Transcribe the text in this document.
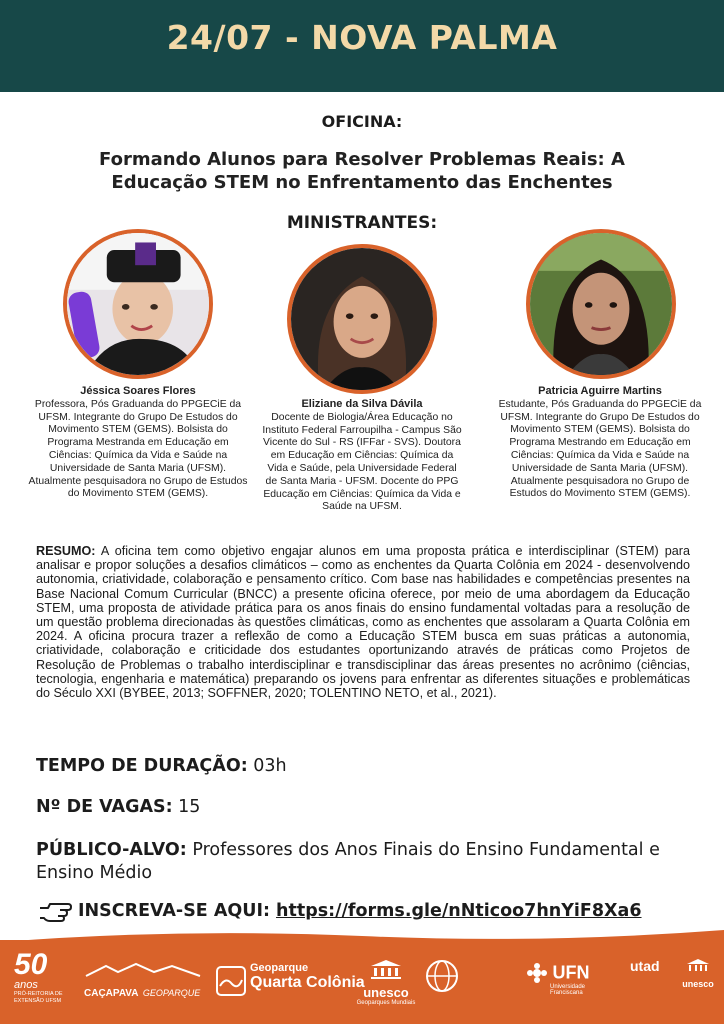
24/07 - NOVA PALMA
OFICINA:
Formando Alunos para Resolver Problemas Reais: A Educação STEM no Enfrentamento das Enchentes
MINISTRANTES:
Jéssica Soares Flores
Professora, Pós Graduanda do PPGECiE da UFSM. Integrante do Grupo De Estudos do Movimento STEM (GEMS). Bolsista do Programa Mestranda em Educação em Ciências: Química da Vida e Saúde na Universidade de Santa Maria (UFSM). Atualmente pesquisadora no Grupo de Estudos do Movimento STEM (GEMS).
Eliziane da Silva Dávila
Docente de Biologia/Área Educação no Instituto Federal Farroupilha - Campus São Vicente do Sul - RS (IFFar - SVS). Doutora em Educação em Ciências: Química da Vida e Saúde, pela Universidade Federal de Santa Maria - UFSM. Docente do PPG Educação em Ciências: Química da Vida e Saúde na UFSM.
Patricia Aguirre Martins
Estudante, Pós Graduanda do PPGECiE da UFSM. Integrante do Grupo De Estudos do Movimento STEM (GEMS). Bolsista do Programa Mestrando em Educação em Ciências: Química da Vida e Saúde na Universidade de Santa Maria (UFSM). Atualmente pesquisadora no Grupo de Estudos do Movimento STEM (GEMS).
RESUMO: A oficina tem como objetivo engajar alunos em uma proposta prática e interdisciplinar (STEM) para analisar e propor soluções a desafios climáticos – como as enchentes da Quarta Colônia em 2024 - desenvolvendo autonomia, criatividade, colaboração e pensamento crítico. Com base nas habilidades e competências presentes na Base Nacional Comum Curricular (BNCC) a presente oficina oferece, por meio de uma abordagem da Educação STEM, uma proposta de atividade prática para os anos finais do ensino fundamental voltadas para a resolução de um questão problema direcionadas às questões climáticas, como as enchentes que assolaram a Quarta Colônia em 2024. A oficina procura trazer a reflexão de como a Educação STEM busca em suas práticas a autonomia, criatividade, colaboração e criticidade dos estudantes oportunizando através de práticas como Projetos de Resolução de Problemas o trabalho interdisciplinar e transdisciplinar das áreas presentes no acrônimo (ciências, tecnologia, engenharia e matemática) preparando os jovens para enfrentar as diferentes situações e problemáticas do Século XXI (BYBEE, 2013; SOFFNER, 2020; TOLENTINO NETO, et al., 2021).
TEMPO DE DURAÇÃO: 03h
Nº DE VAGAS: 15
PÚBLICO-ALVO: Professores dos Anos Finais do Ensino Fundamental e Ensino Médio
INSCREVA-SE AQUI: https://forms.gle/nNticoo7hnYiF8Xa6
50
anos
PRÓ-REITORIA DE EXTENSÃO UFSM
CAÇAPAVA GEOPARQUE
Geoparque
Quarta Colônia
unesco
Geoparques Mundiais
UFN
Universidade Franciscana
utad
unesco
